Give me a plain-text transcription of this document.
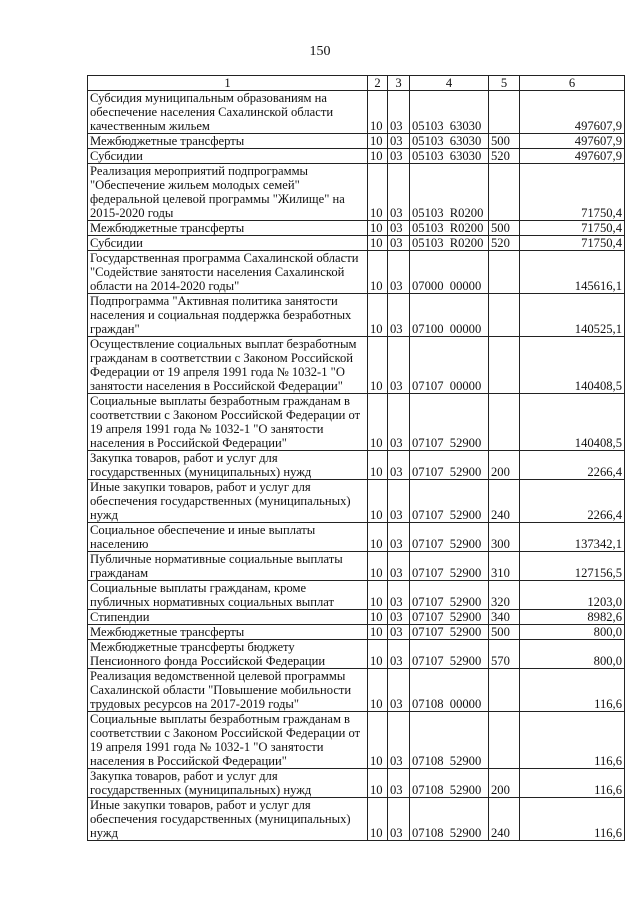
150
1	2	3	4	5	6
Субсидия муниципальным образованиям на обеспечение населения Сахалинской области качественным жильем	10	03	05103  63030		497607,9
Межбюджетные трансферты	10	03	05103  63030	500	497607,9
Субсидии	10	03	05103  63030	520	497607,9
Реализация мероприятий подпрограммы "Обеспечение жильем молодых семей" федеральной целевой программы "Жилище" на 2015-2020 годы	10	03	05103  R0200		71750,4
Межбюджетные трансферты	10	03	05103  R0200	500	71750,4
Субсидии	10	03	05103  R0200	520	71750,4
Государственная программа Сахалинской области "Содействие занятости населения Сахалинской области на 2014-2020 годы"	10	03	07000  00000		145616,1
Подпрограмма "Активная политика занятости населения и социальная поддержка безработных граждан"	10	03	07100  00000		140525,1
Осуществление социальных выплат безработным гражданам в соответствии с Законом Российской Федерации от 19 апреля 1991 года № 1032-1 "О занятости населения в Российской Федерации"	10	03	07107  00000		140408,5
Социальные выплаты безработным гражданам в соответствии с Законом Российской Федерации от 19 апреля 1991 года № 1032-1 "О занятости населения в Российской Федерации"	10	03	07107  52900		140408,5
Закупка товаров, работ и услуг для государственных (муниципальных) нужд	10	03	07107  52900	200	2266,4
Иные закупки товаров, работ и услуг для обеспечения государственных (муниципальных) нужд	10	03	07107  52900	240	2266,4
Социальное обеспечение и иные выплаты населению	10	03	07107  52900	300	137342,1
Публичные нормативные социальные выплаты гражданам	10	03	07107  52900	310	127156,5
Социальные выплаты гражданам, кроме публичных нормативных социальных выплат	10	03	07107  52900	320	1203,0
Стипендии	10	03	07107  52900	340	8982,6
Межбюджетные трансферты	10	03	07107  52900	500	800,0
Межбюджетные трансферты бюджету Пенсионного фонда Российской Федерации	10	03	07107  52900	570	800,0
Реализация ведомственной целевой программы Сахалинской области "Повышение мобильности трудовых ресурсов на 2017-2019 годы"	10	03	07108  00000		116,6
Социальные выплаты безработным гражданам в соответствии с Законом Российской Федерации от 19 апреля 1991 года № 1032-1 "О занятости населения в Российской Федерации"	10	03	07108  52900		116,6
Закупка товаров, работ и услуг для государственных (муниципальных) нужд	10	03	07108  52900	200	116,6
Иные закупки товаров, работ и услуг для обеспечения государственных (муниципальных) нужд	10	03	07108  52900	240	116,6
